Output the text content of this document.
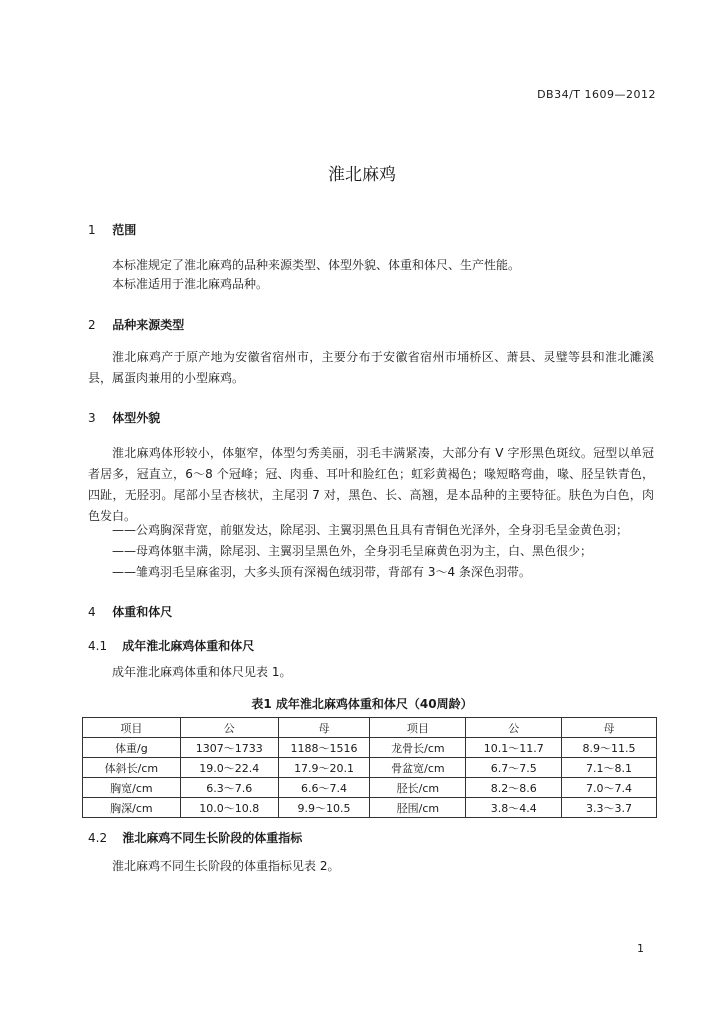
DB34/T 1609—2012
淮北麻鸡
1 范围

本标准规定了淮北麻鸡的品种来源类型、体型外貌、体重和体尺、生产性能。

本标准适用于淮北麻鸡品种。

2 品种来源类型

淮北麻鸡产于原产地为安徽省宿州市，主要分布于安徽省宿州市埇桥区、萧县、灵璧等县和淮北濉溪县，属蛋肉兼用的小型麻鸡。

3 体型外貌

淮北麻鸡体形较小，体躯窄，体型匀秀美丽，羽毛丰满紧凑，大部分有 V 字形黑色斑纹。冠型以单冠者居多，冠直立，6～8 个冠峰；冠、肉垂、耳叶和脸红色；虹彩黄褐色；喙短略弯曲，喙、胫呈铁青色，四趾，无胫羽。尾部小呈杏核状，主尾羽 7 对，黑色、长、高翘，是本品种的主要特征。肤色为白色，肉色发白。

——公鸡胸深背宽，前躯发达，除尾羽、主翼羽黑色且具有青铜色光泽外，全身羽毛呈金黄色羽；
——母鸡体躯丰满，除尾羽、主翼羽呈黑色外，全身羽毛呈麻黄色羽为主，白、黑色很少；
——雏鸡羽毛呈麻雀羽，大多头顶有深褐色绒羽带，背部有 3～4 条深色羽带。
4 体重和体尺
4.1 成年淮北麻鸡体重和体尺

成年淮北麻鸡体重和体尺见表 1。

表1 成年淮北麻鸡体重和体尺（40周龄）
项目	公	母	项目	公	母
体重/g	1307～1733	1188～1516	龙骨长/cm	10.1～11.7	8.9～11.5
体斜长/cm	19.0～22.4	17.9～20.1	骨盆宽/cm	6.7～7.5	7.1～8.1
胸宽/cm	6.3～7.6	6.6～7.4	胫长/cm	8.2～8.6	7.0～7.4
胸深/cm	10.0～10.8	9.9～10.5	胫围/cm	3.8～4.4	3.3～3.7
4.2 淮北麻鸡不同生长阶段的体重指标

淮北麻鸡不同生长阶段的体重指标见表 2。

1
